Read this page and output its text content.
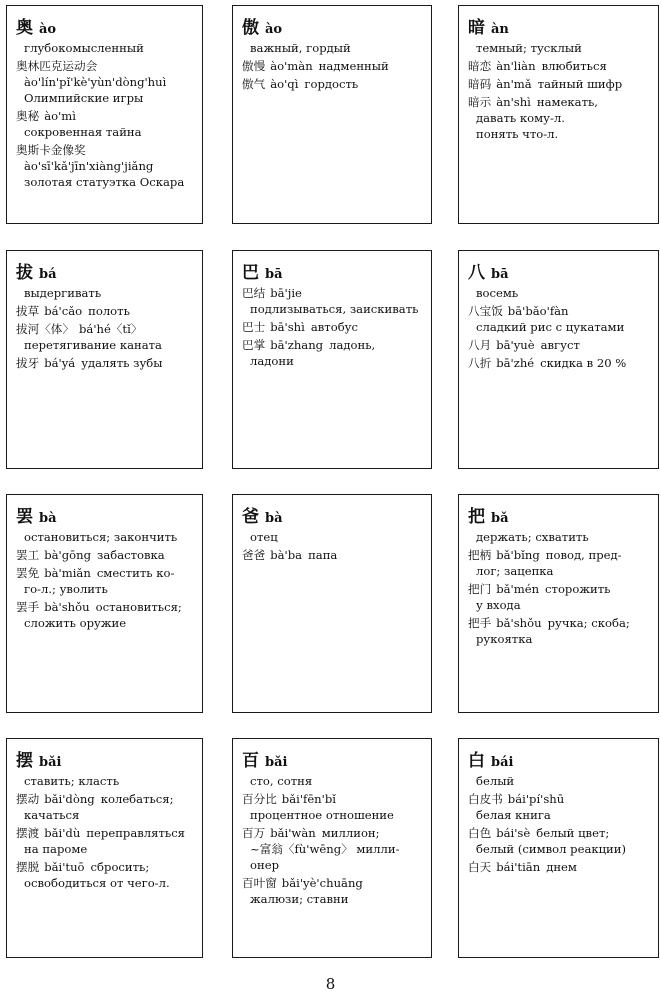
奥 ào
глубокомысленный
奥林匹克运动会
ào'lín'pǐ'kè'yùn'dòng'huì
Олимпийские игры
奥秘 ào'mì
сокровенная тайна
奥斯卡金像奖
ào'sī'kǎ'jīn'xiàng'jiǎng
золотая статуэтка Оскара
傲 ào
важный, гордый
傲慢 ào'màn надменный
傲气 ào'qì гордость
暗 àn
темный; тусклый
暗恋 àn'liàn влюбиться
暗码 àn'mǎ тайный шифр
暗示 àn'shì намекать,
давать кому-л.
понять что-л.
拔 bá
выдергивать
拔草 bá'cǎo полоть
拔河〈体〉 bá'hé〈tǐ〉
перетягивание каната
拔牙 bá'yá удалять зубы
巴 bā
巴结 bā'jie
подлизываться, заискивать
巴士 bā'shì автобус
巴掌 bā'zhang ладонь,
ладони
八 bā
восемь
八宝饭 bā'bǎo'fàn
сладкий рис с цукатами
八月 bā'yuè август
八折 bā'zhé скидка в 20 %
罢 bà
остановиться; закончить
罢工 bà'gōng забастовка
罢免 bà'miǎn сместить ко-
го-л.; уволить
罢手 bà'shǒu остановиться;
сложить оружие
爸 bà
отец
爸爸 bà'ba папа
把 bǎ
держать; схватить
把柄 bǎ'bǐng повод, пред-
лог; зацепка
把门 bǎ'mén сторожить
у входа
把手 bǎ'shǒu ручка; скоба;
рукоятка
摆 bǎi
ставить; класть
摆动 bǎi'dòng колебаться;
качаться
摆渡 bǎi'dù переправляться
на пароме
摆脱 bǎi'tuō сбросить;
освободиться от чего-л.
百 bǎi
сто, сотня
百分比 bǎi'fēn'bǐ
процентное отношение
百万 bǎi'wàn миллион;
~富翁〈fù'wēng〉 милли-
онер
百叶窗 bǎi'yè'chuāng
жалюзи; ставни
白 bái
белый
白皮书 bái'pí'shū
белая книга
白色 bái'sè белый цвет;
белый (символ реакции)
白天 bái'tiān днем
8
